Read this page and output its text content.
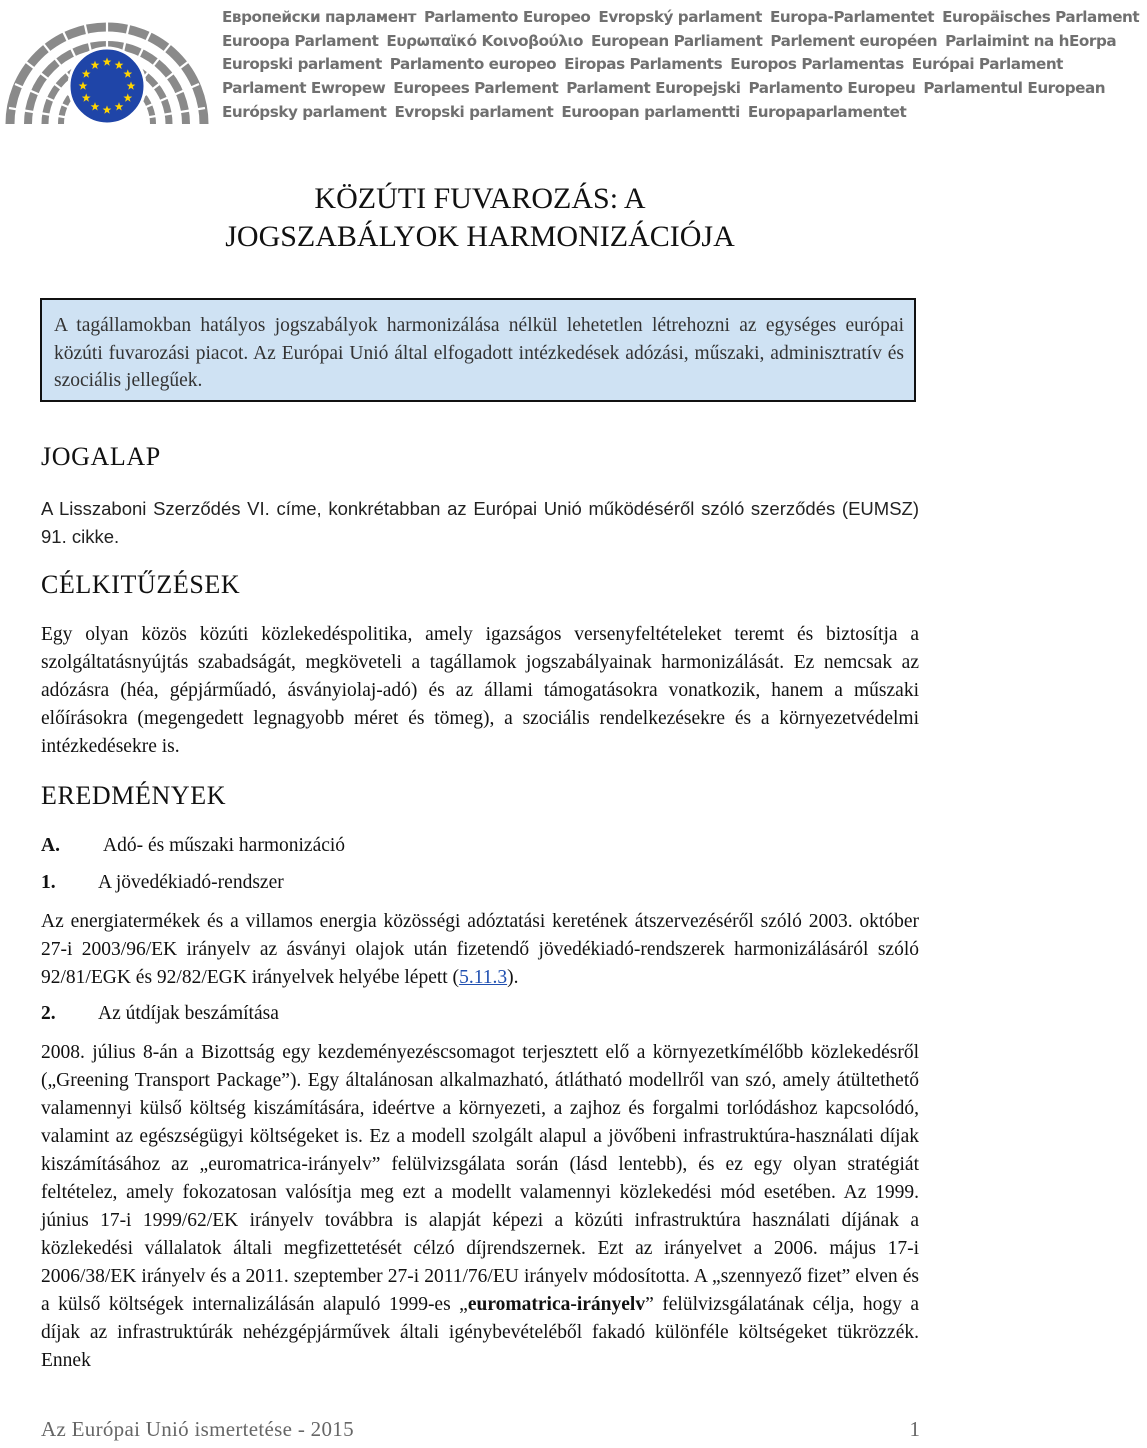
Европейски парламент Parlamento Europeo Evropský parlament Europa-Parlamentet Europäisches Parlament
Euroopa Parlament Ευρωπαϊκό Κοινοβούλιο European Parliament Parlement européen Parlaimint na hEorpa
Europski parlament Parlamento europeo Eiropas Parlaments Europos Parlamentas Európai Parlament
Parlament Ewropew Europees Parlement Parlament Europejski Parlamento Europeu Parlamentul European
Európsky parlament Evropski parlament Euroopan parlamentti Europaparlamentet
KÖZÚTI FUVAROZÁS: A
JOGSZABÁLYOK HARMONIZÁCIÓJA
A tagállamokban hatályos jogszabályok harmonizálása nélkül lehetetlen létrehozni az egységes európai közúti fuvarozási piacot. Az Európai Unió által elfogadott intézkedések adózási, műszaki, adminisztratív és szociális jellegűek.
JOGALAP

A Lisszaboni Szerződés VI. címe, konkrétabban az Európai Unió működéséről szóló szerződés (EUMSZ) 91. cikke.

CÉLKITŰZÉSEK

Egy olyan közös közúti közlekedéspolitika, amely igazságos versenyfeltételeket teremt és biztosítja a szolgáltatásnyújtás szabadságát, megköveteli a tagállamok jogszabályainak harmonizálását. Ez nemcsak az adózásra (héa, gépjárműadó, ásványiolaj-adó) és az állami támogatásokra vonatkozik, hanem a műszaki előírásokra (megengedett legnagyobb méret és tömeg), a szociális rendelkezésekre és a környezetvédelmi intézkedésekre is.

EREDMÉNYEK

A. Adó- és műszaki harmonizáció

1. A jövedékiadó-rendszer

Az energiatermékek és a villamos energia közösségi adóztatási keretének átszervezéséről szóló 2003. október 27-i 2003/96/EK irányelv az ásványi olajok után fizetendő jövedékiadó-rendszerek harmonizálásáról szóló 92/81/EGK és 92/82/EGK irányelvek helyébe lépett (5.11.3).

2. Az útdíjak beszámítása

2008. július 8-án a Bizottság egy kezdeményezéscsomagot terjesztett elő a környezetkímélőbb közlekedésről („Greening Transport Package”). Egy általánosan alkalmazható, átlátható modellről van szó, amely átültethető valamennyi külső költség kiszámítására, ideértve a környezeti, a zajhoz és forgalmi torlódáshoz kapcsolódó, valamint az egészségügyi költségeket is. Ez a modell szolgált alapul a jövőbeni infrastruktúra-használati díjak kiszámításához az „euromatrica-irányelv” felülvizsgálata során (lásd lentebb), és ez egy olyan stratégiát feltételez, amely fokozatosan valósítja meg ezt a modellt valamennyi közlekedési mód esetében. Az 1999. június 17-i 1999/62/EK irányelv továbbra is alapját képezi a közúti infrastruktúra használati díjának a közlekedési vállalatok általi megfizettetését célzó díjrendszernek. Ezt az irányelvet a 2006. május 17-i 2006/38/EK irányelv és a 2011. szeptember 27-i 2011/76/EU irányelv módosította. A „szennyező fizet” elven és a külső költségek internalizálásán alapuló 1999-es „euromatrica-irányelv” felülvizsgálatának célja, hogy a díjak az infrastruktúrák nehézgépjárművek általi igénybevételéből fakadó különféle költségeket tükrözzék. Ennek

Az Európai Unió ismertetése - 2015	1
